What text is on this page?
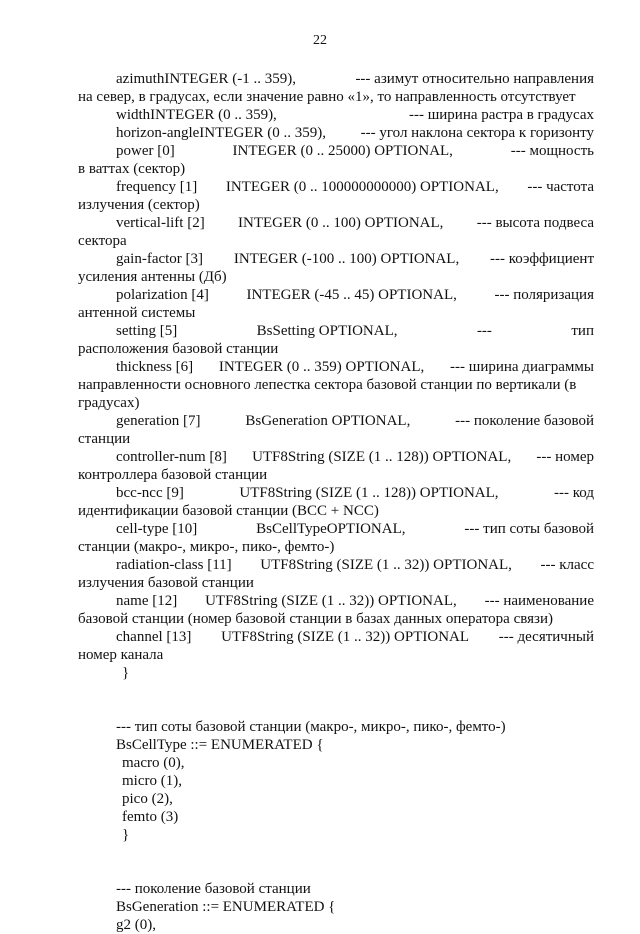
22
azimuthINTEGER (-1 .. 359),	--- азимут относительно направления
на север, в градусах, если значение равно «1», то направленность отсутствует
widthINTEGER (0 .. 359),	--- ширина растра в градусах
horizon-angleINTEGER (0 .. 359), --- угол наклона сектора к горизонту
power [0]	INTEGER (0 .. 25000) OPTIONAL,	--- мощность
в ваттах (сектор)
frequency [1] INTEGER (0 .. 100000000000) OPTIONAL, --- частота
излучения (сектор)
vertical-lift [2] INTEGER (0 .. 100) OPTIONAL, --- высота подвеса
сектора
gain-factor [3] INTEGER (-100 .. 100) OPTIONAL, --- коэффициент
усиления антенны (Дб)
polarization [4]	INTEGER (-45 .. 45) OPTIONAL,	--- поляризация
антенной системы
setting [5]	BsSetting OPTIONAL,	---	тип
расположения базовой станции
thickness [6] INTEGER (0 .. 359) OPTIONAL, --- ширина диаграммы
направленности основного лепестка сектора базовой станции по вертикали (в градусах)
generation [7]	BsGeneration OPTIONAL,	--- поколение базовой
станции
controller-num [8] UTF8String (SIZE (1 .. 128)) OPTIONAL, --- номер
контроллера базовой станции
bcc-ncc [9]	UTF8String (SIZE (1 .. 128)) OPTIONAL,	--- код
идентификации базовой станции (BCC + NCC)
cell-type [10]	BsCellTypeOPTIONAL,	--- тип соты базовой
станции (макро-, микро-, пико-, фемто-)
radiation-class [11] UTF8String (SIZE (1 .. 32)) OPTIONAL, --- класс
излучения базовой станции
name [12] UTF8String (SIZE (1 .. 32)) OPTIONAL, --- наименование
базовой станции (номер базовой станции в базах данных оператора связи)
channel [13] UTF8String (SIZE (1 .. 32)) OPTIONAL --- десятичный
номер канала
}
--- тип соты базовой станции (макро-, микро-, пико-, фемто-)
BsCellType ::= ENUMERATED {
macro (0),
micro (1),
pico (2),
femto (3)
}
--- поколение базовой станции
BsGeneration ::= ENUMERATED {
g2 (0),
